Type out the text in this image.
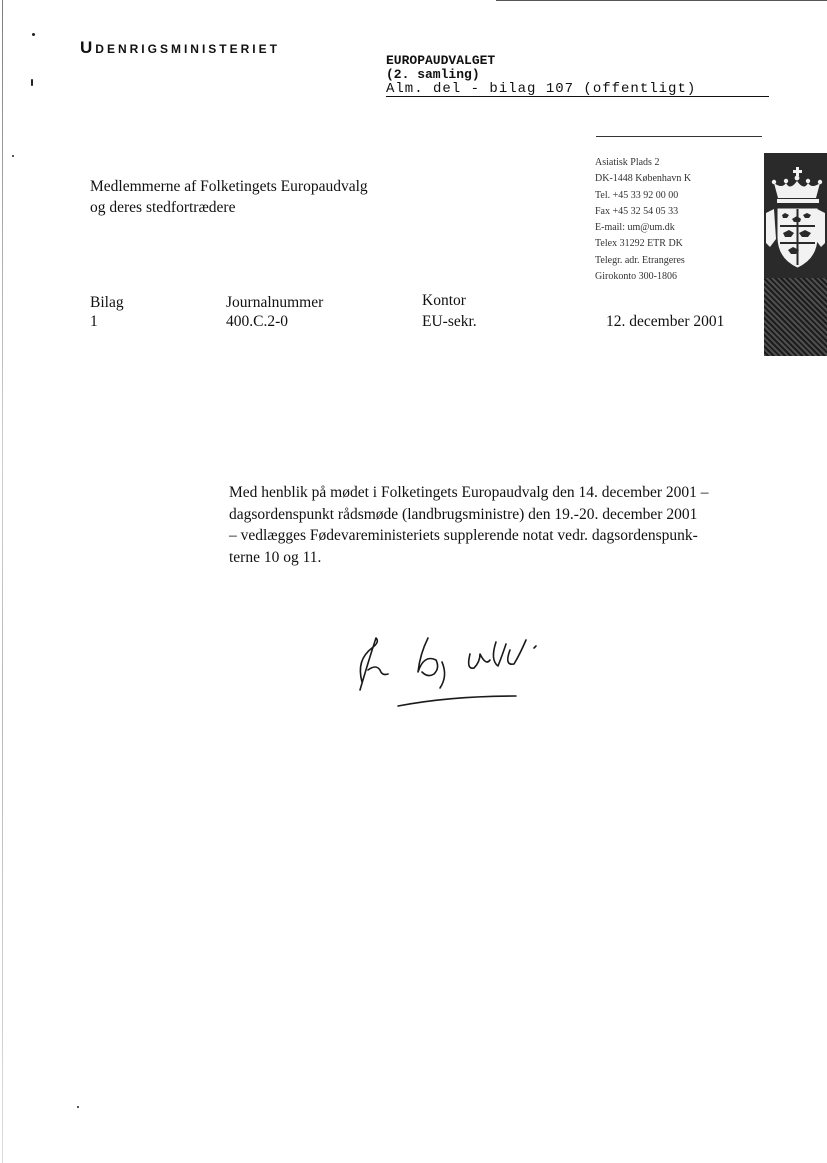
Udenrigsministeriet
EUROPAUDVALGET
(2. samling)
Alm. del - bilag 107 (offentligt)
Asiatisk Plads 2
DK-1448 København K
Tel. +45 33 92 00 00
Fax +45 32 54 05 33
E-mail: um@um.dk
Telex 31292 ETR DK
Telegr. adr. Etrangeres
Girokonto 300-1806
Medlemmerne af Folketingets Europaudvalg
og deres stedfortrædere
Bilag
1
Journalnummer
400.C.2-0
Kontor
EU-sekr.	12. december 2001
Med henblik på mødet i Folketingets Europaudvalg den 14. december 2001 –
dagsordenspunkt rådsmøde (landbrugsministre) den 19.-20. december 2001
– vedlægges Fødevareministeriets supplerende notat vedr. dagsordenspunk-
terne 10 og 11.
